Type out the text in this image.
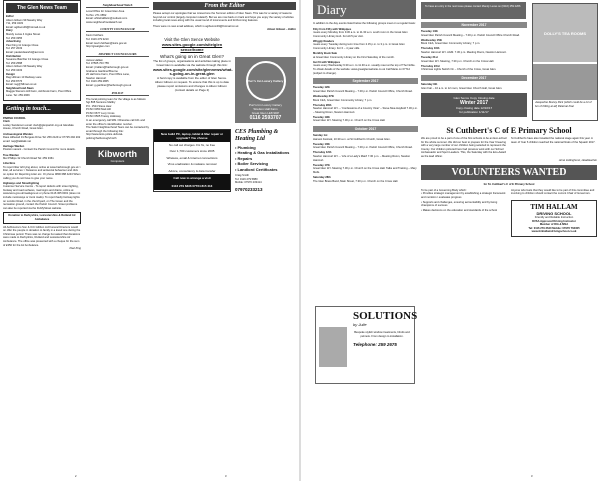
The Glen News Team
Editor
Alison Gibson 99 Naseby Way
711, 259 3433
Email: agibson49@hotmail.co.uk
Diary
Mandy Lucas 4 Ingles Street
Tel: 259 3355
Advertising
Paul King 11 Grange Close
Tel: 257 2033
Email: paulandsarah1@aol.com
Distribution
Susanne Batchler 13 Grange Close
Tel: 259 2588
Alison Gibson 99 Naseby Way
Tel: 259 3433
Design
Reg Hillman 13 Redway Lane
Tel: 259 8776
Email: reg@hillman.co.uk
Neighbourhood News
Maggie Slemers Hill Farm, Ashbrook Farm, Post Office Lane. Tel: 259 2969
Getting in touch...
PARISH COUNCIL
Clerk
Lesley Sanderson email: clerk@glenparish.org.uk Glendale House, Church Road, Great Glen.
Archaeological Warden
Dave Hillwood 31 Burgess Drive Tel: 259 2129 or 07725 292 202 email: nap@talktalk.net
Heritage Warden
Position vacant - Contact the Parish Council for more details.
Tree Warden
Mel Phillips 32 Church Road Tel: 259 3361
Litterbins
To report litter left lying about, online at www.harborough.gov.uk > litter, all services > Nuisance and antisocial behaviour and click on option for Reporting Litter etc. Or phone 0800 088 4243 When calling you do not have to give your name.
Highways and Streetlighting
Customer Service Centre - To report defects with street lighting, footway and road surfaces, road signs and drains, online at www.leics.gov.uk/roadsgov.uk or phone 0116 305 0001 (does not include motorways or trunk roads). To report faulty footway lights on London Road, in the churchyard, on The Green and the recreation ground, contact the Parish Council. Street problems can also be reported via the FixMyStreet website.
Donation to Derbyshire, Leicestershire & Rutland Air Ambulance
All Ashbourne's Son & ICC Gibbon Ltd Funeral Directors would on offer the people in donation to family in a loved one during the Christmas period. There was no charge but asked that donations were made to Derbyshire, Rutland and Leicestershire Air Ambulance. The office was presented with a cheque for the sum of £350 for the Air Ambulance.
Paul King
Neighbourhood Watch
Local Office for Great Glen Area
Tel No: 271 0852
Email: whitehallfarm@outlook.com
www.neighbourhoodwatch.net
COUNTY COUNCILLOR
Kevin Feltham
Tel: 0116 279 3210
Email: kevin.feltham@leics.gov.uk
http://greatglen.com
DISTRICT COUNCILLORS
James Hallam
Tel: 07565 703 755
Email: j.hallam@harborough.gov.uk
Grahame Gardiner/Bourne
20 Half Acre Farm, Post Office Lane,
Newton Harcourt
Tel: 0116 259 2865
Email: g.gardiner@harborough.gov.uk
POLICE
The local policing team for the village is as follows:
Sgt 808 Suzanne Maltby
P.C. 1524 Steve Hew
PCSO 6050 Matt Hill
PCSO 6677 Lucy Cross
PCSO 6505 Tracey Holloway
In an emergency call 999. Otherwise call 101 and enter the officer's identification number.
The Safer Neighbourhood Team can be contacted by email through the following link: http://www.leics.police.uk/local-policing/harborough/north
Kibworth
Computers
From the Editor
Please accept our apologies that we missed one the Summer edition of Glen News. This was for a variety of reasons beyond our control (largely computer related!). But we are now back on track and hope you enjoy the variety of articles including local news along with the usual round of local events and forthcoming features.
There were no new email address, which is agibsonm49@hotmail.co.uk
Alison Gibson – Editor
Visit the Glen Sence Website
www.sites.google.com/site/glen sence/home
What's going on in Great Glen?
The list of groups, organisations and activities taking place in Great Glen is available via the website through this link:
www.sites.google.com/site/glennews/what-s-going-on-in-great-glen
A hard copy is available from the editor of Glen Sence. Alison Gibson on request. To ensure that this is up to date please report omissions and changes to Alison Gibson (contact details on Page 2)
Purr's Inn Luxury Cattery
Purr's Inn Luxury Cattery
Stretton Hall Farm
Great Glen LE8 9DP
0116 2593707
New build PC, laptop, tablet & Mac repair or upgrade? You choose
No call out charges. Fix fix, no Fee
Over 1,700 customers since 2005
Wireless, email & Internet connections
Virus eradication & malware removal
Advice, consultancy & data transfer
Call now to arrange a visit
0116 279 6336 07764 815 413
CES Plumbing & Heating Ltd
• Plumbing
• Heating & Gas Installations
• Repairs
• Boiler Servicing
• Landlord Certificates
Craig Smith
Tel: 0116 279 5880
Mobile: 07970 233414
07970233213
2	3
Diary	To have an entry in the next issue please contact Mandy Lucas on (0116) 259 2266
In addition to the day events listed below the following groups meet on a regular basis:
Fitty from Fifty with Wikipipes
meets every Monday from 9.30 a.m. to 11.30 a.m. south room in the Great Glen Community Library Hub. For £0.5 per visit.
Wriggly Readers
meets every Tuesday during term time from 2.15 p.m. to 3 p.m. in Great Glen Community Library. For 0 – 4 year olds.
Monthly Book Sale
at Great Glen Community Library on the First Saturday of the month.
Get fit with Wikipipes
meets every Wednesday 9.30 a.m. to 11.30 a.m. usually meet at the top of The Noble. To obtain details of the website: www.greatglenwebsite.co.uk Call Marie on 07712 (subject to change).
September 2017
Tuesday 12th
Great Glen Parish Council Meeting – 7.00 p.m. Parish Council Office, Church Road.
Wednesday 27th
Book Club, Great Glen Community Library, 7 p.m.
Thursday 28th
Newton Harcourt W.I. – 'Confessions of a Country Vicar' – Steve Mea Hayfield 7.30 p.m. – Meeting Room, Newton Harcourt.
Tuesday 19th
Great Glen W.I. Meeting 7.30 p.m. Church on the Cross Hall.
October 2017
Sunday 1st
Harvest Festival, 10.30 a.m. at St Cuthbert's Church, Great Glen.
Tuesday 10th
Great Glen Parish Council Meeting – 7.00 p.m. Parish Council Office, Church Road.
Thursday 12th
Newton Harcourt W.I. – 'Life of a Lady's Maid' 7.30 p.m. – Meeting Room, Newton Harcourt.
Tuesday 17th
Great Glen W.I. Meeting 7.30 p.m. Church on the Cross Hall. Talks and Training – Mary Mells.
Saturday 28th
The Glen Brass Band, Main Street, 7.30 p.m. Church on the Cross Hall.
November 2017
Tuesday 14th
Great Glen Parish Council Meeting – 7.00 p.m. Parish Council Office Church Road.
Wednesday 15th
Book Club, Great Glen Community Library, 7 p.m.
Thursday 16th
Newton Harcourt W.I. AGM. 7.30 p.m. Meeting Room, Newton Harcourt.
Tuesday 21st
Great Glen W.I. Meeting, 7.30 p.m. Church on the Cross Hall.
Thursday 23rd
Christmas Lights Switch On – Church of the Cross, Great Glen.
December 2017
Saturday 9th
Glen Fair – 10 a.m. to 12 noon, Great Glen Church Hall, Great Glen.
Glen Sence Copy Closing date
Winter 2017
Copy closing date 12/10/17
for publication 1/11/17
DOLLY'S TEA ROOMS
Jacqueline Stoney Flick (which could be a lot of fun of Fitting at all) Paternal Fran
St Cuthbert's C of E Primary School
We are proud to be a part of one of the first schools to be an Eco-school for the whole summer. We did our best to prepare for the Year 6 leaving with a very large number of our children being selected to represent the County. Our children pictured here had previous work with our School Ambassador and Sport Leaders. This, the Saturday with the Eco-Award as the lead officer.
St Cuthbert's have also travelled the national stage again this year. A team of Year 6 children reached the national finals of the Squash 2017.
Anne Hollinghurst, Headteacher
VOLUNTEERS WANTED
for St. Cuthbert's C of E Primary School
To be part of a Governing Body which:
• Provides strategic management by establishing a strategic framework and monitors / evaluates progress
• Supports and challenges, ensuring accountability and by being champions of success
• Makes decisions on the education and standards of the school
Anyone who feels that they would like to be part of this committee and involving to children should contact the current Chair of Governors.
TIM HALLAM
DRIVING SCHOOL
Friendly and Reliable Instruction
DVSA Approved Driving Instructor
Member of DIA & MSA
Tel: 0116 279 3640 Mobile: 07976 762305
www.timhallamdrivingschool.co.uk
SOLUTIONS
by Julie
Bespoke stylish window treatments, blinds and pelmets. From design to installation.
Telephone: 259 2675
3
